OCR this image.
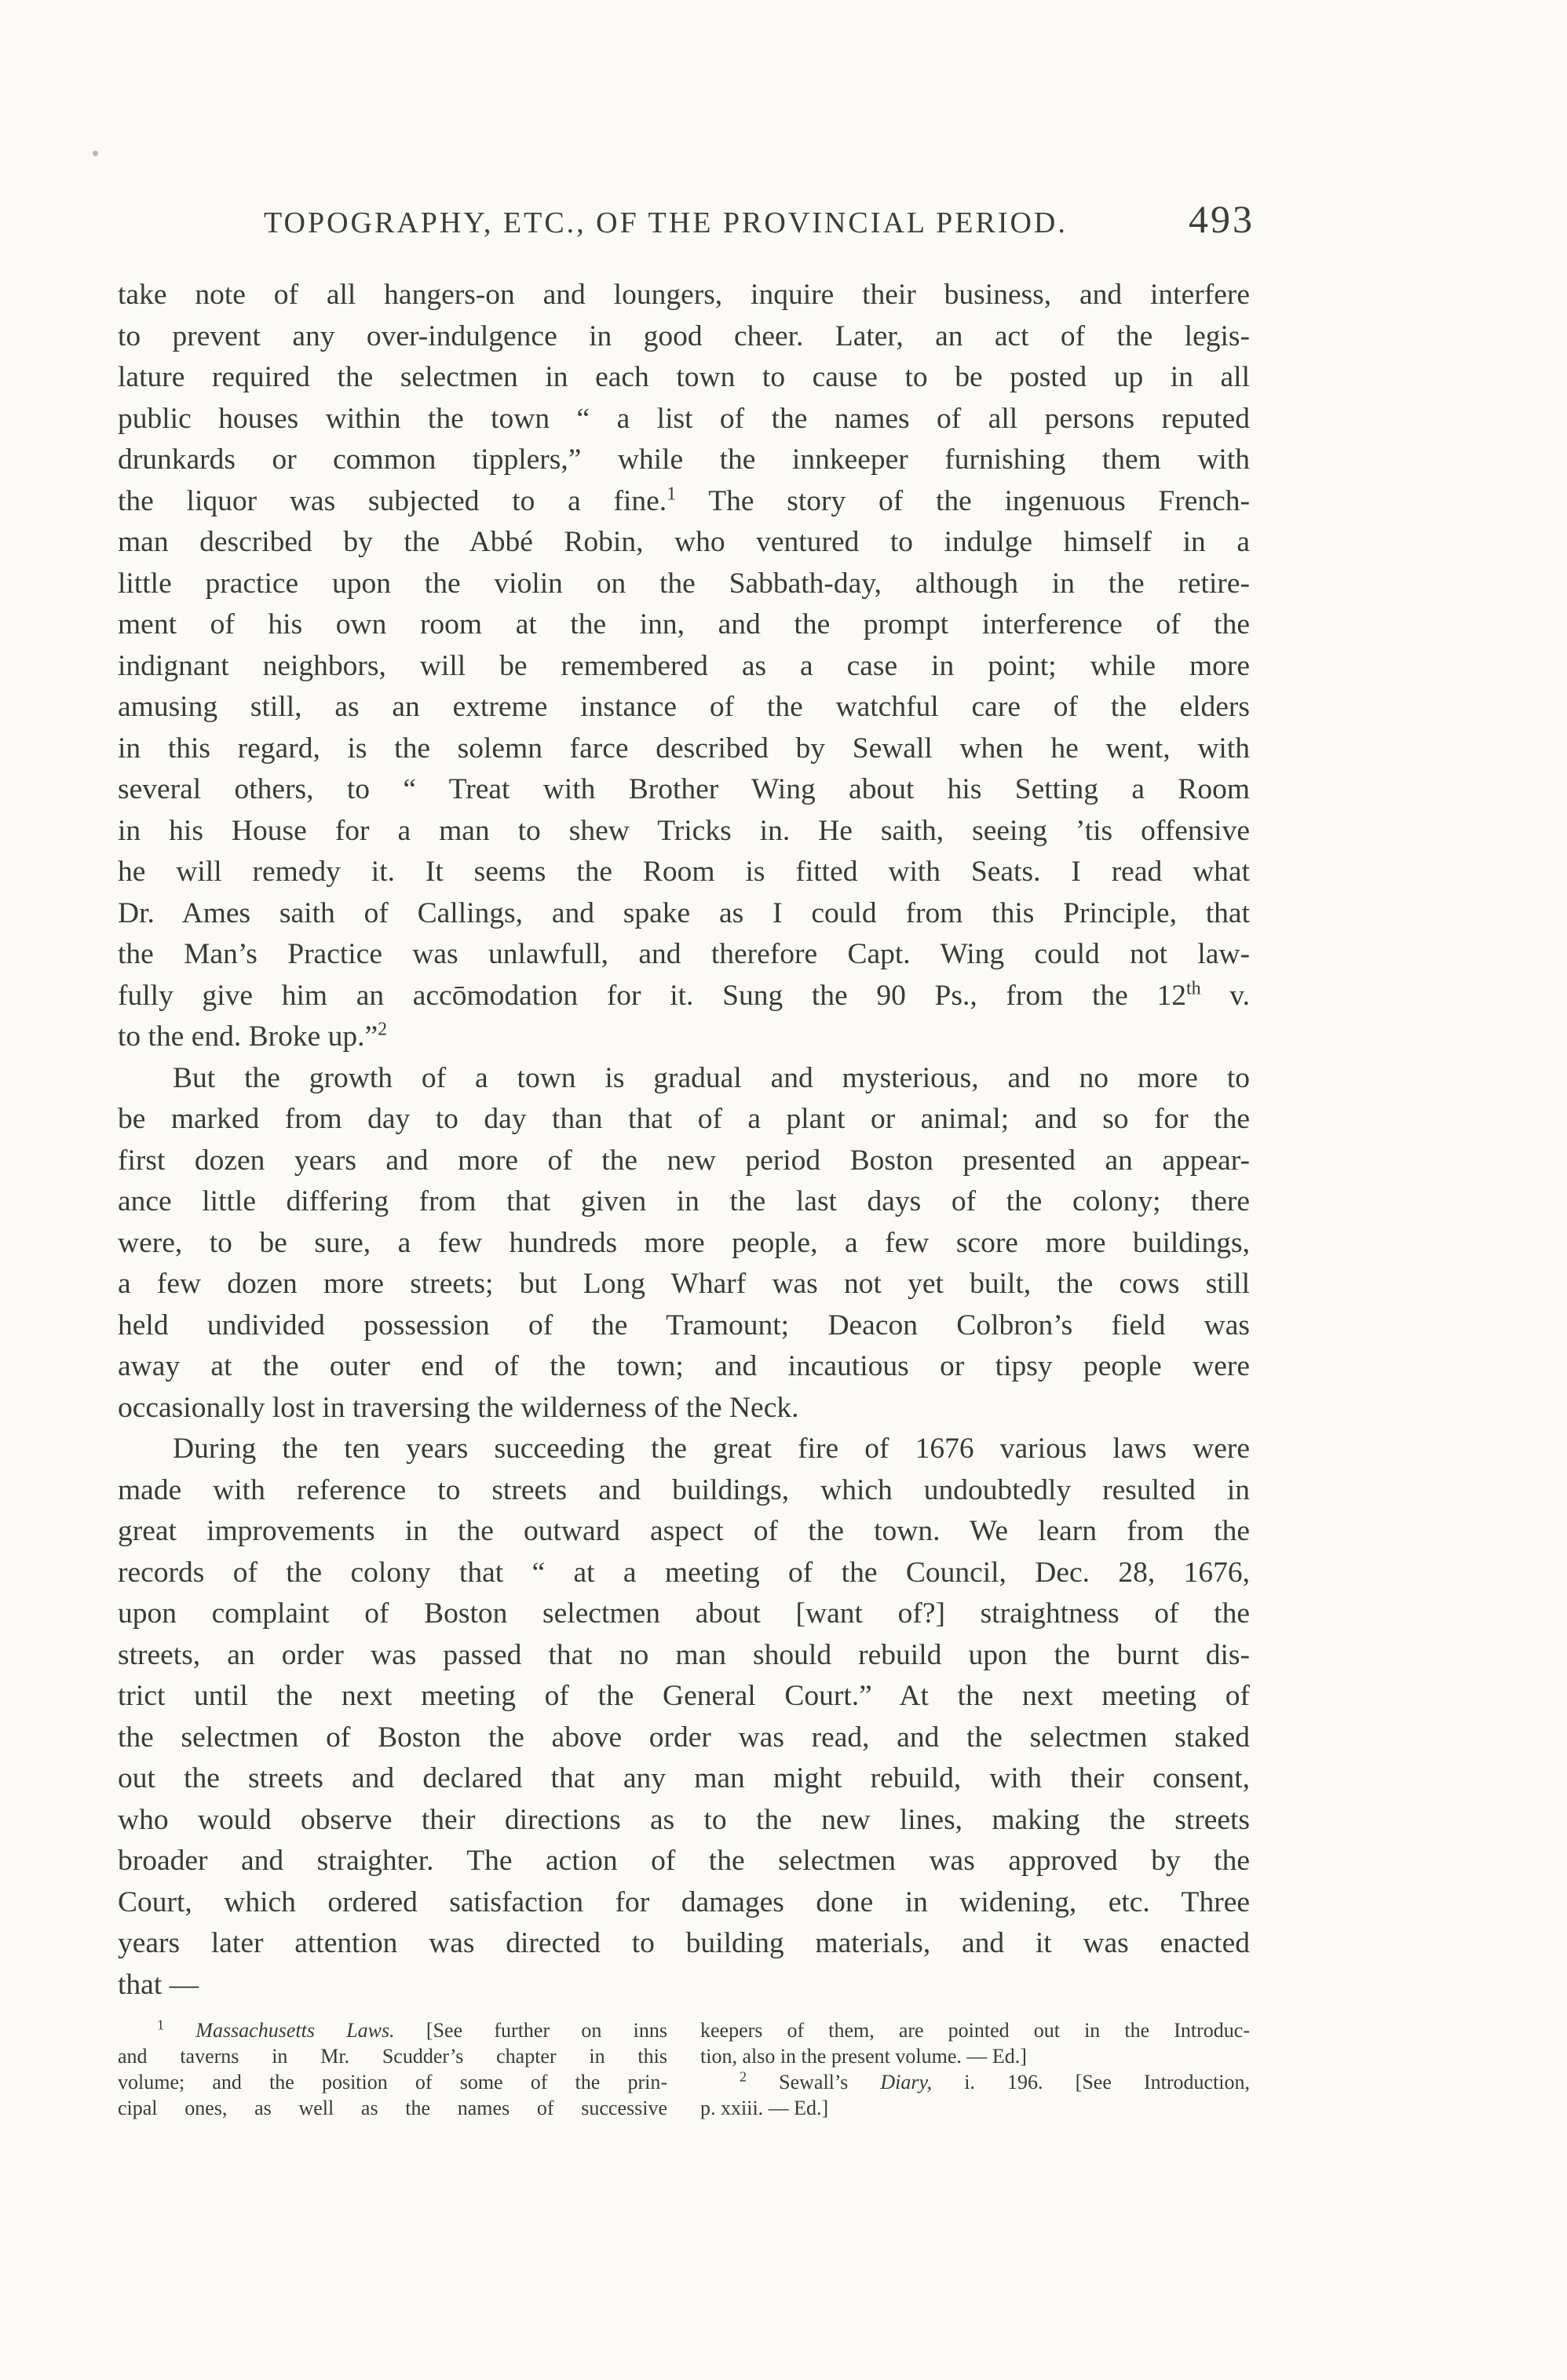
TOPOGRAPHY, ETC., OF THE PROVINCIAL PERIOD.	493
take note of all hangers-on and loungers, inquire their business, and interfere
to prevent any over-indulgence in good cheer. Later, an act of the legis-
lature required the selectmen in each town to cause to be posted up in all
public houses within the town “ a list of the names of all persons reputed
drunkards or common tipplers,” while the innkeeper furnishing them with
the liquor was subjected to a fine.$^1$ The story of the ingenuous French-
man described by the Abbé Robin, who ventured to indulge himself in a
little practice upon the violin on the Sabbath-day, although in the retire-
ment of his own room at the inn, and the prompt interference of the
indignant neighbors, will be remembered as a case in point; while more
amusing still, as an extreme instance of the watchful care of the elders
in this regard, is the solemn farce described by Sewall when he went, with
several others, to “ Treat with Brother Wing about his Setting a Room
in his House for a man to shew Tricks in. He saith, seeing ’tis offensive
he will remedy it. It seems the Room is fitted with Seats. I read what
Dr. Ames saith of Callings, and spake as I could from this Principle, that
the Man’s Practice was unlawfull, and therefore Capt. Wing could not law-
fully give him an accōmodation for it. Sung the 90 Ps., from the 12th v.
to the end. Broke up.”$^2$
But the growth of a town is gradual and mysterious, and no more to
be marked from day to day than that of a plant or animal; and so for the
first dozen years and more of the new period Boston presented an appear-
ance little differing from that given in the last days of the colony; there
were, to be sure, a few hundreds more people, a few score more buildings,
a few dozen more streets; but Long Wharf was not yet built, the cows still
held undivided possession of the Tramount; Deacon Colbron’s field was
away at the outer end of the town; and incautious or tipsy people were
occasionally lost in traversing the wilderness of the Neck.
During the ten years succeeding the great fire of 1676 various laws were
made with reference to streets and buildings, which undoubtedly resulted in
great improvements in the outward aspect of the town. We learn from the
records of the colony that “ at a meeting of the Council, Dec. 28, 1676,
upon complaint of Boston selectmen about [want of?] straightness of the
streets, an order was passed that no man should rebuild upon the burnt dis-
trict until the next meeting of the General Court.” At the next meeting of
the selectmen of Boston the above order was read, and the selectmen staked
out the streets and declared that any man might rebuild, with their consent,
who would observe their directions as to the new lines, making the streets
broader and straighter. The action of the selectmen was approved by the
Court, which ordered satisfaction for damages done in widening, etc. Three
years later attention was directed to building materials, and it was enacted
that —
$^1$ Massachusetts Laws. [See further on inns
and taverns in Mr. Scudder’s chapter in this
volume; and the position of some of the prin-
cipal ones, as well as the names of successive
keepers of them, are pointed out in the Introduc-
tion, also in the present volume. — Ed.]
$^2$ Sewall’s Diary, i. 196. [See Introduction,
p. xxiii. — Ed.]
